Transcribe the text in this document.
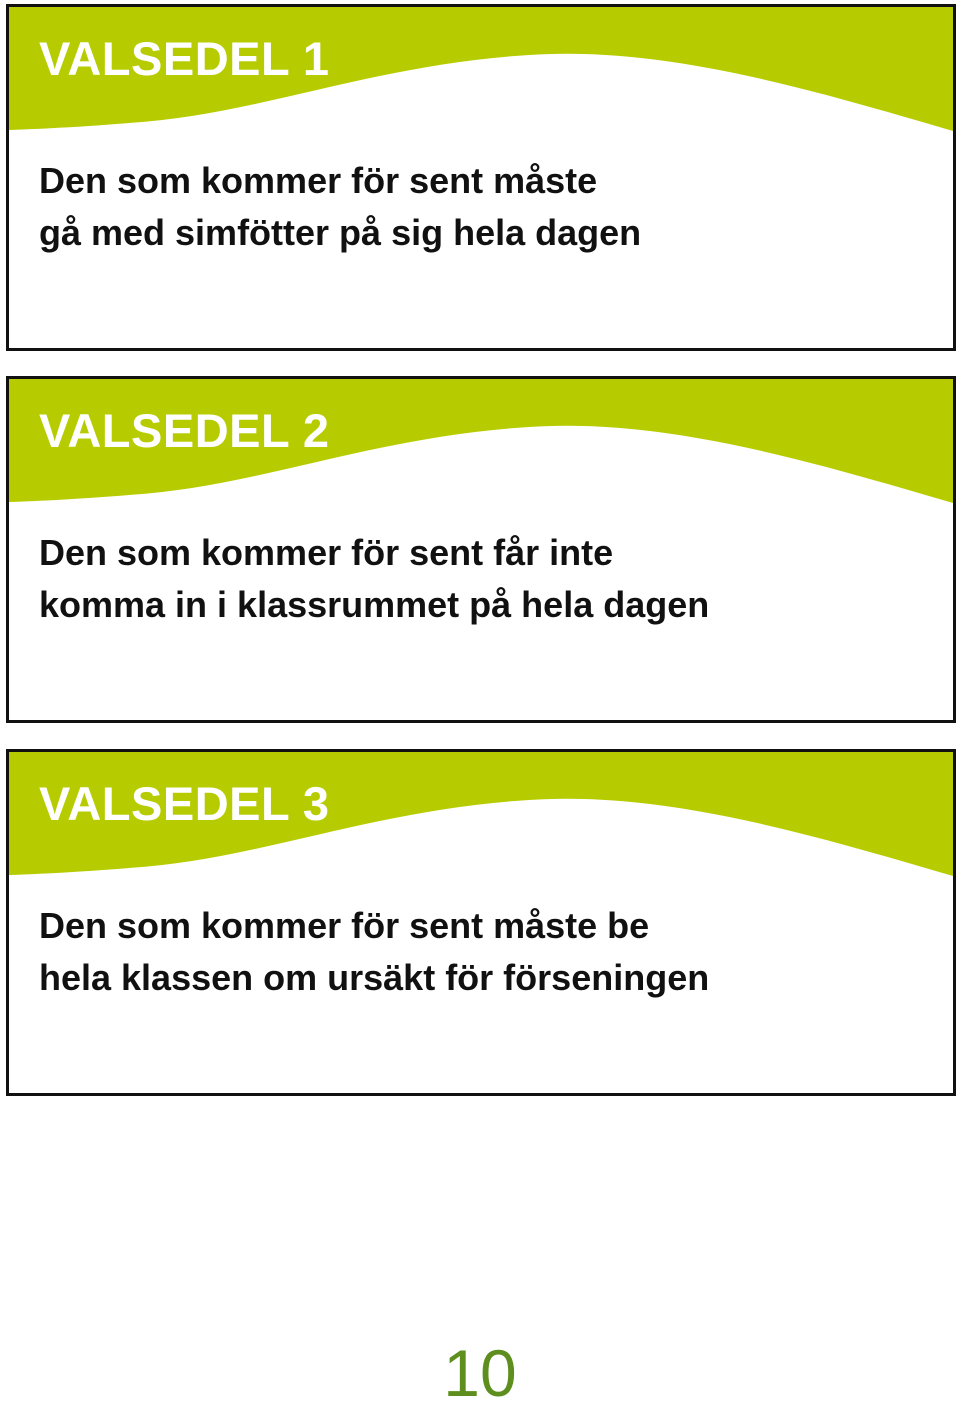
VALSEDEL 1

Den som kommer för sent måste
gå med simfötter på sig hela dagen

VALSEDEL 2

Den som kommer för sent får inte
komma in i klassrummet på hela dagen

VALSEDEL 3

Den som kommer för sent måste be
hela klassen om ursäkt för förseningen

10
